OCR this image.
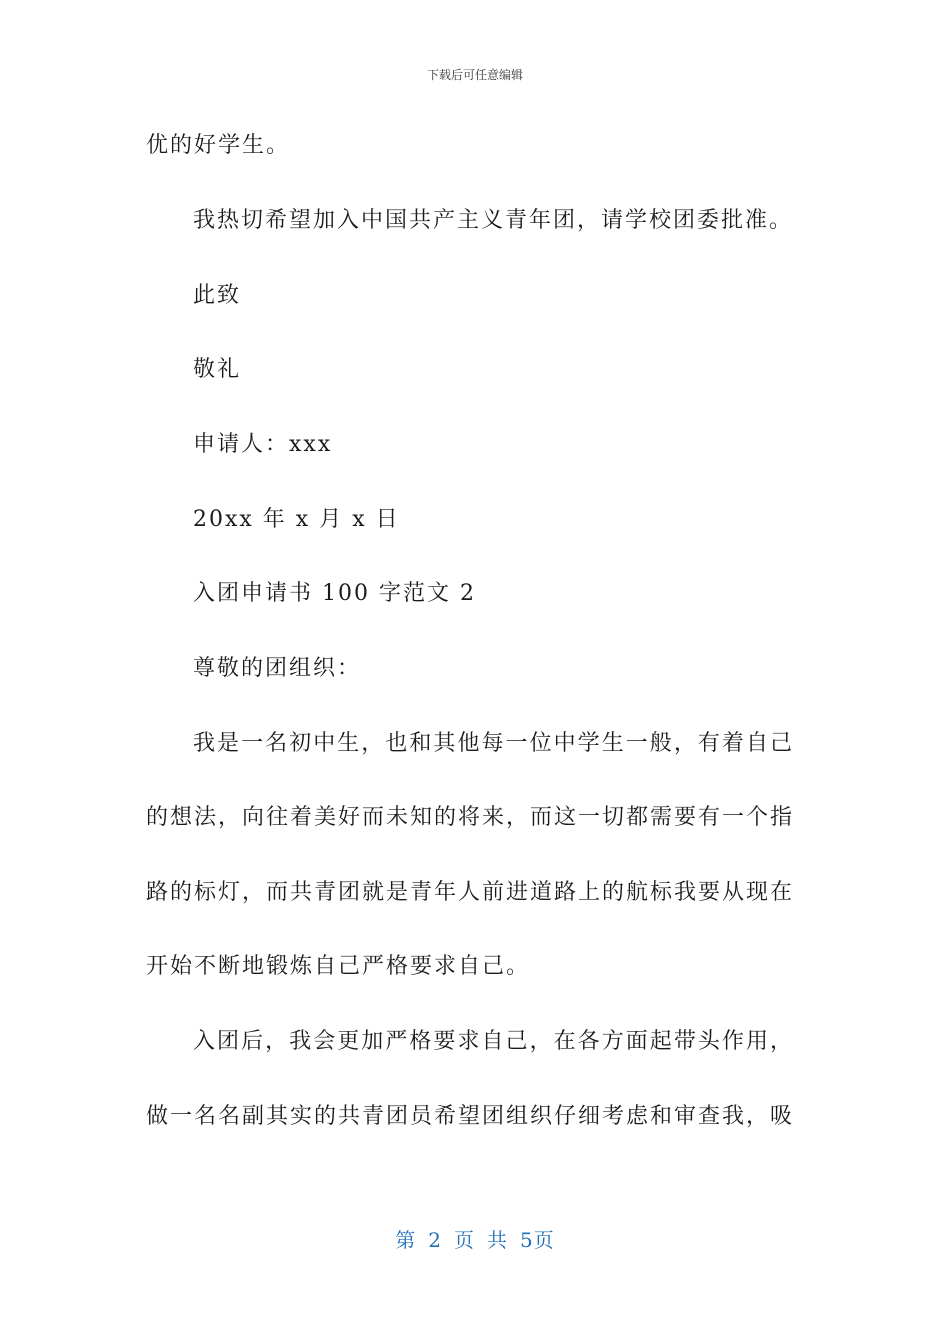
下载后可任意编辑
优的好学生。
我热切希望加入中国共产主义青年团，请学校团委批准。
此致
敬礼
申请人：xxx
20xx 年 x 月 x 日
入团申请书 100 字范文 2
尊敬的团组织：
我是一名初中生，也和其他每一位中学生一般，有着自己
的想法，向往着美好而未知的将来，而这一切都需要有一个指
路的标灯，而共青团就是青年人前进道路上的航标我要从现在
开始不断地锻炼自己严格要求自己。
入团后，我会更加严格要求自己，在各方面起带头作用，
做一名名副其实的共青团员希望团组织仔细考虑和审查我，吸
第 2 页 共 5页
